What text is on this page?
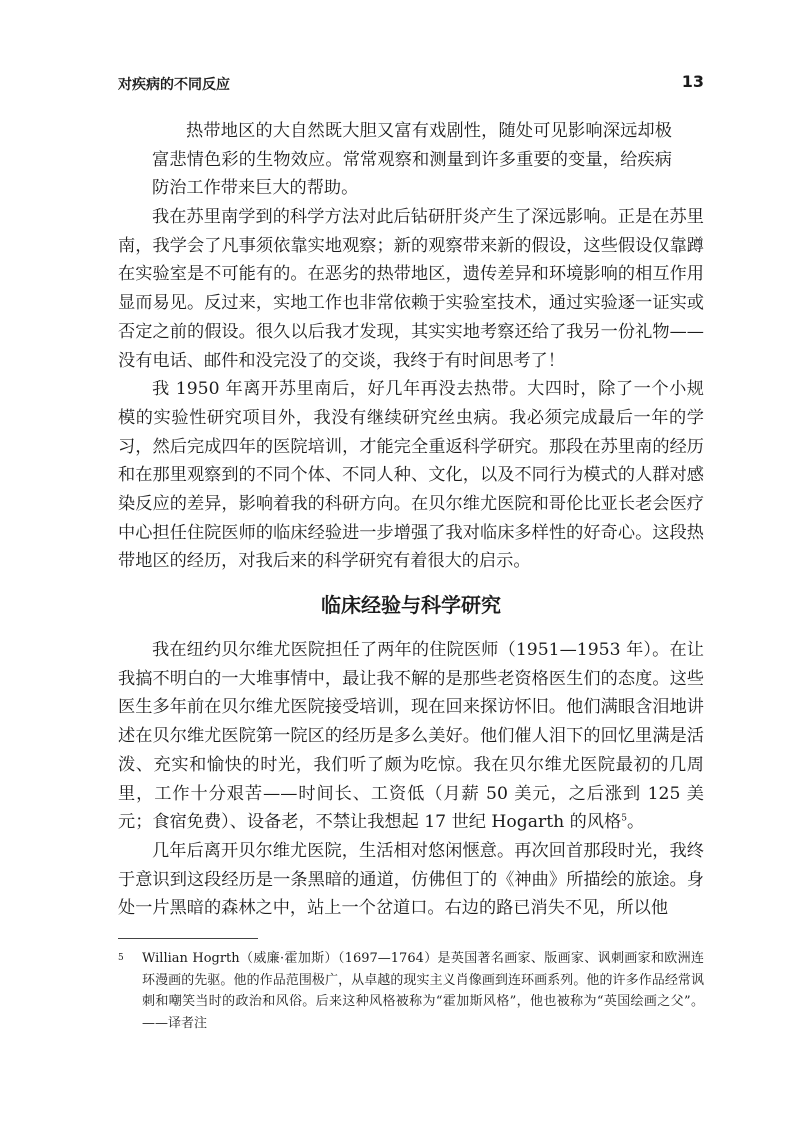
对疾病的不同反应	13

热带地区的大自然既大胆又富有戏剧性，随处可见影响深远却极富悲情色彩的生物效应。常常观察和测量到许多重要的变量，给疾病防治工作带来巨大的帮助。

我在苏里南学到的科学方法对此后钻研肝炎产生了深远影响。正是在苏里南，我学会了凡事须依靠实地观察；新的观察带来新的假设，这些假设仅靠蹲在实验室是不可能有的。在恶劣的热带地区，遗传差异和环境影响的相互作用显而易见。反过来，实地工作也非常依赖于实验室技术，通过实验逐一证实或否定之前的假设。很久以后我才发现，其实实地考察还给了我另一份礼物——没有电话、邮件和没完没了的交谈，我终于有时间思考了！

我 1950 年离开苏里南后，好几年再没去热带。大四时，除了一个小规模的实验性研究项目外，我没有继续研究丝虫病。我必须完成最后一年的学习，然后完成四年的医院培训，才能完全重返科学研究。那段在苏里南的经历和在那里观察到的不同个体、不同人种、文化，以及不同行为模式的人群对感染反应的差异，影响着我的科研方向。在贝尔维尤医院和哥伦比亚长老会医疗中心担任住院医师的临床经验进一步增强了我对临床多样性的好奇心。这段热带地区的经历，对我后来的科学研究有着很大的启示。

临床经验与科学研究

我在纽约贝尔维尤医院担任了两年的住院医师（1951—1953 年）。在让我搞不明白的一大堆事情中，最让我不解的是那些老资格医生们的态度。这些医生多年前在贝尔维尤医院接受培训，现在回来探访怀旧。他们满眼含泪地讲述在贝尔维尤医院第一院区的经历是多么美好。他们催人泪下的回忆里满是活泼、充实和愉快的时光，我们听了颇为吃惊。我在贝尔维尤医院最初的几周里，工作十分艰苦——时间长、工资低（月薪 50 美元，之后涨到 125 美元；食宿免费）、设备老，不禁让我想起 17 世纪 Hogarth 的风格$^5$。

几年后离开贝尔维尤医院，生活相对悠闲惬意。再次回首那段时光，我终于意识到这段经历是一条黑暗的通道，仿佛但丁的《神曲》所描绘的旅途。身处一片黑暗的森林之中，站上一个岔道口。右边的路已消失不见，所以他

5 Willian Hogrth（威廉·霍加斯）（1697—1764）是英国著名画家、版画家、讽刺画家和欧洲连环漫画的先驱。他的作品范围极广，从卓越的现实主义肖像画到连环画系列。他的许多作品经常讽刺和嘲笑当时的政治和风俗。后来这种风格被称为“霍加斯风格”，他也被称为“英国绘画之父”。——译者注
